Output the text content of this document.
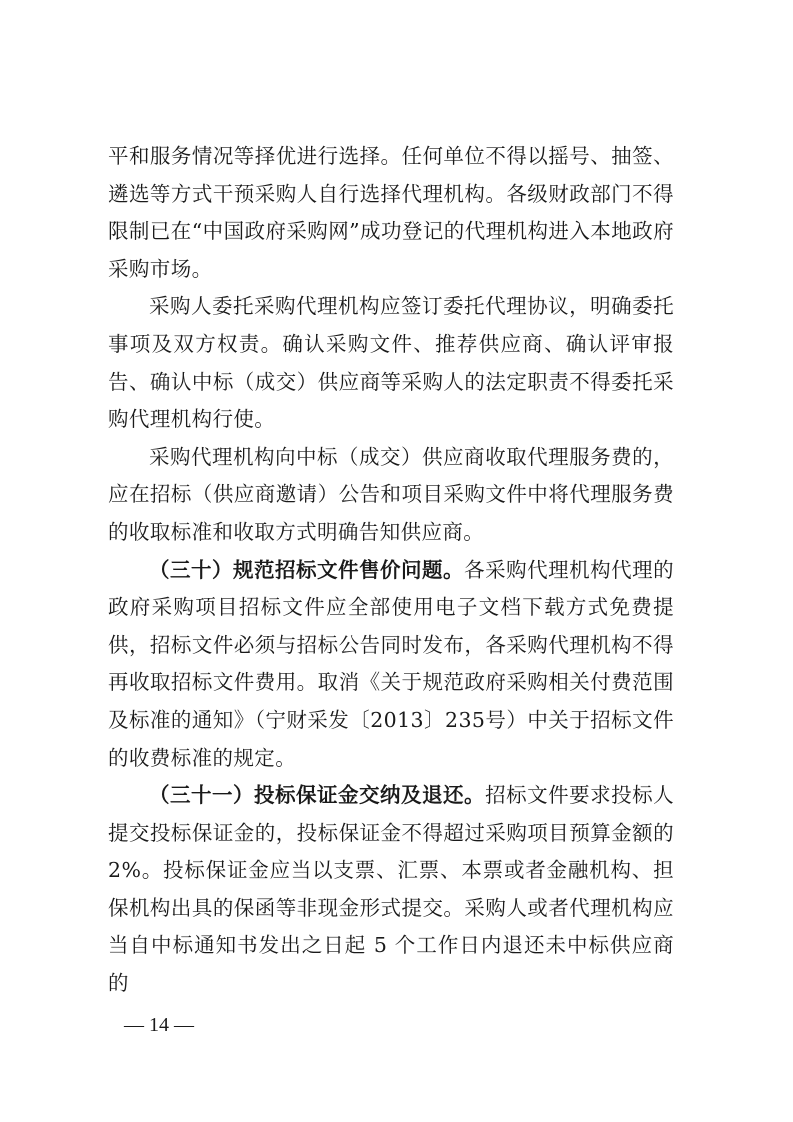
平和服务情况等择优进行选择。任何单位不得以摇号、抽签、遴选等方式干预采购人自行选择代理机构。各级财政部门不得限制已在“中国政府采购网”成功登记的代理机构进入本地政府采购市场。

采购人委托采购代理机构应签订委托代理协议，明确委托事项及双方权责。确认采购文件、推荐供应商、确认评审报告、确认中标（成交）供应商等采购人的法定职责不得委托采购代理机构行使。

采购代理机构向中标（成交）供应商收取代理服务费的，应在招标（供应商邀请）公告和项目采购文件中将代理服务费的收取标准和收取方式明确告知供应商。

（三十）规范招标文件售价问题。各采购代理机构代理的政府采购项目招标文件应全部使用电子文档下载方式免费提供，招标文件必须与招标公告同时发布，各采购代理机构不得再收取招标文件费用。取消《关于规范政府采购相关付费范围及标准的通知》（宁财采发〔2013〕235号）中关于招标文件的收费标准的规定。

（三十一）投标保证金交纳及退还。招标文件要求投标人提交投标保证金的，投标保证金不得超过采购项目预算金额的2%。投标保证金应当以支票、汇票、本票或者金融机构、担保机构出具的保函等非现金形式提交。采购人或者代理机构应当自中标通知书发出之日起 5 个工作日内退还未中标供应商的

— 14 —
